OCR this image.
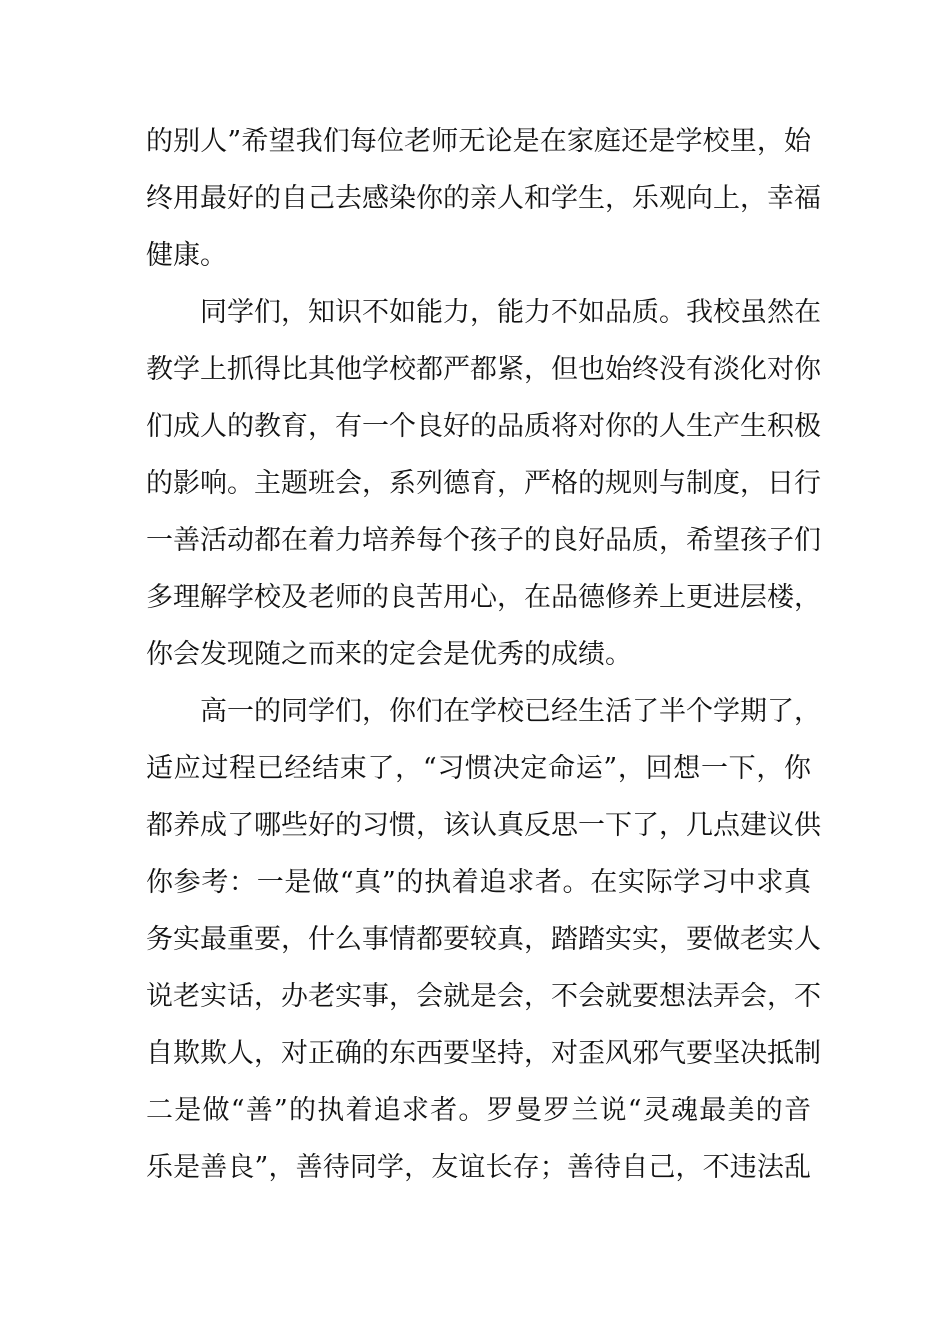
的别人”希望我们每位老师无论是在家庭还是学校里，始
终用最好的自己去感染你的亲人和学生，乐观向上，幸福
健康。
同学们，知识不如能力，能力不如品质。我校虽然在
教学上抓得比其他学校都严都紧，但也始终没有淡化对你
们成人的教育，有一个良好的品质将对你的人生产生积极
的影响。主题班会，系列德育，严格的规则与制度，日行
一善活动都在着力培养每个孩子的良好品质，希望孩子们
多理解学校及老师的良苦用心，在品德修养上更进层楼，
你会发现随之而来的定会是优秀的成绩。
高一的同学们，你们在学校已经生活了半个学期了，
适应过程已经结束了，“习惯决定命运”，回想一下，你
都养成了哪些好的习惯，该认真反思一下了，几点建议供
你参考：一是做“真”的执着追求者。在实际学习中求真
务实最重要，什么事情都要较真，踏踏实实，要做老实人
说老实话，办老实事，会就是会，不会就要想法弄会，不
自欺欺人，对正确的东西要坚持，对歪风邪气要坚决抵制
二是做“善”的执着追求者。罗曼罗兰说“灵魂最美的音
乐是善良”，善待同学，友谊长存；善待自己，不违法乱
